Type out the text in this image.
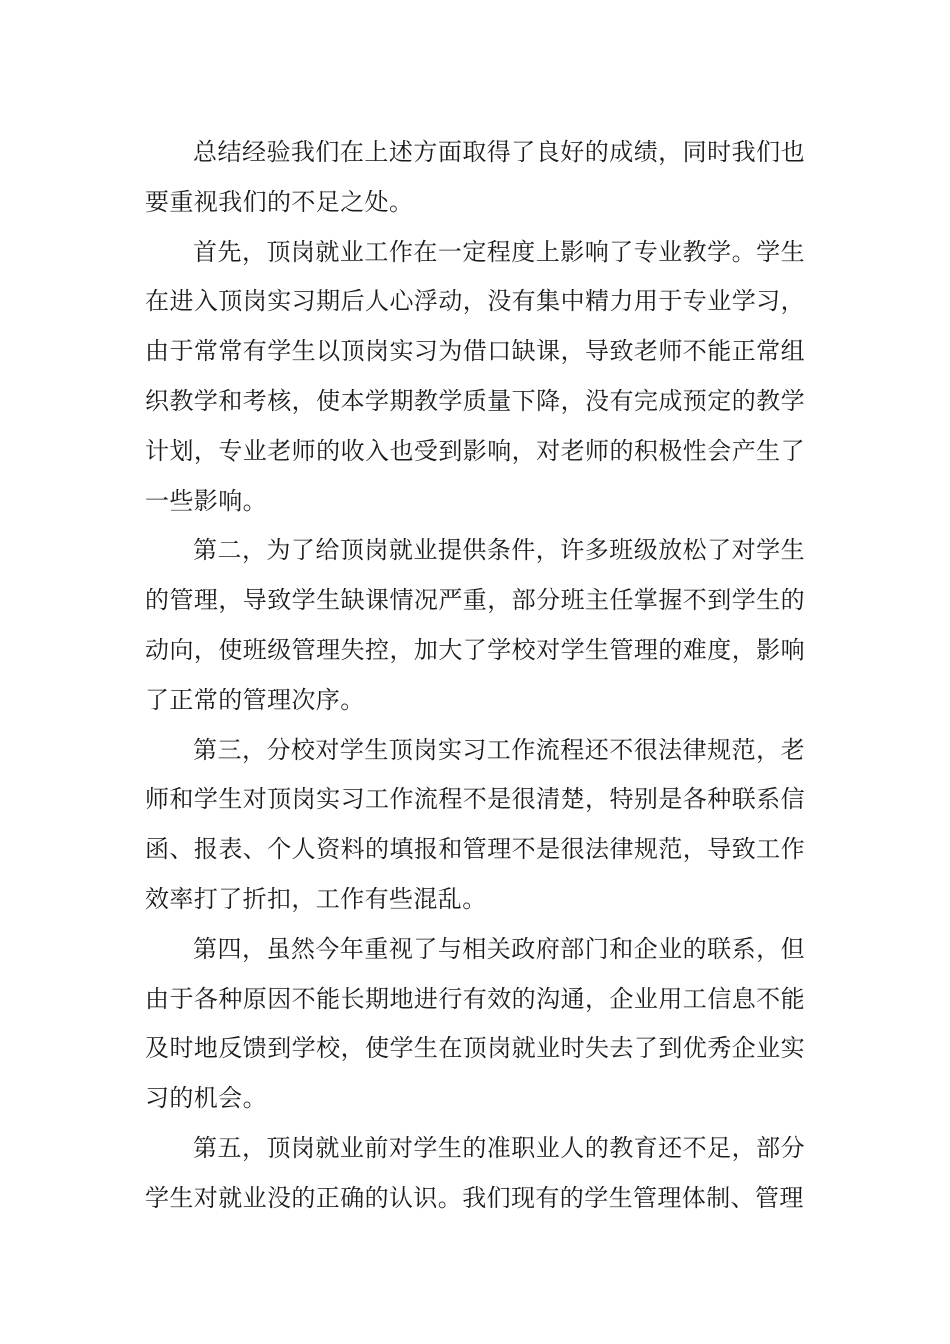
总结经验我们在上述方面取得了良好的成绩，同时我们也要重视我们的不足之处。

首先，顶岗就业工作在一定程度上影响了专业教学。学生在进入顶岗实习期后人心浮动，没有集中精力用于专业学习，由于常常有学生以顶岗实习为借口缺课，导致老师不能正常组织教学和考核，使本学期教学质量下降，没有完成预定的教学计划，专业老师的收入也受到影响，对老师的积极性会产生了一些影响。

第二，为了给顶岗就业提供条件，许多班级放松了对学生的管理，导致学生缺课情况严重，部分班主任掌握不到学生的动向，使班级管理失控，加大了学校对学生管理的难度，影响了正常的管理次序。

第三，分校对学生顶岗实习工作流程还不很法律规范，老师和学生对顶岗实习工作流程不是很清楚，特别是各种联系信函、报表、个人资料的填报和管理不是很法律规范，导致工作效率打了折扣，工作有些混乱。

第四，虽然今年重视了与相关政府部门和企业的联系，但由于各种原因不能长期地进行有效的沟通，企业用工信息不能及时地反馈到学校，使学生在顶岗就业时失去了到优秀企业实习的机会。

第五，顶岗就业前对学生的准职业人的教育还不足，部分学生对就业没的正确的认识。我们现有的学生管理体制、管理
